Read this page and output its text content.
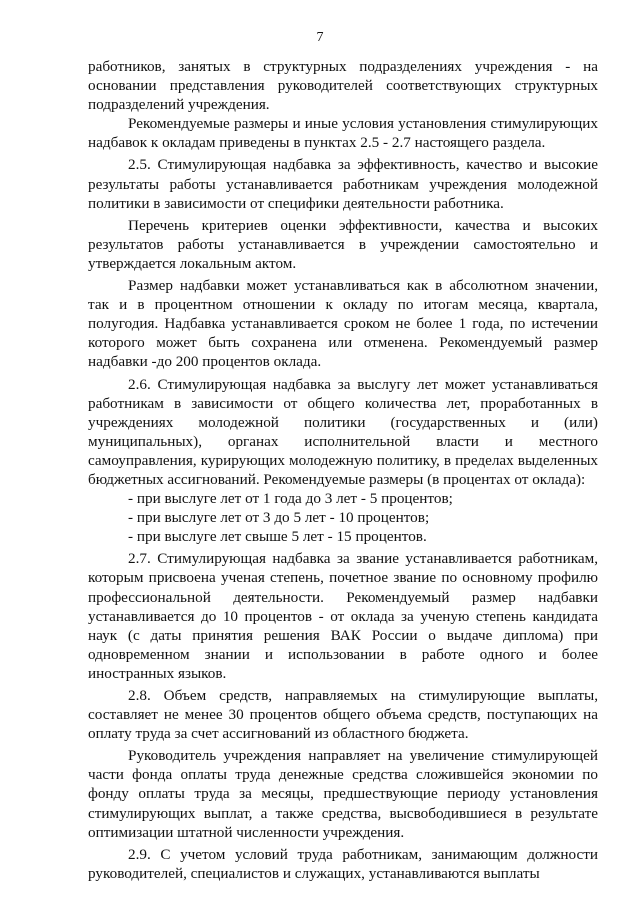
7

работников, занятых в структурных подразделениях учреждения - на основании представления руководителей соответствующих структурных подразделений учреждения.

Рекомендуемые размеры и иные условия установления стимулирующих надбавок к окладам приведены в пунктах 2.5 - 2.7 настоящего раздела.

2.5. Стимулирующая надбавка за эффективность, качество и высокие результаты работы устанавливается работникам учреждения молодежной политики в зависимости от специфики деятельности работника.

Перечень критериев оценки эффективности, качества и высоких результатов работы устанавливается в учреждении самостоятельно и утверждается локальным актом.

Размер надбавки может устанавливаться как в абсолютном значении, так и в процентном отношении к окладу по итогам месяца, квартала, полугодия. Надбавка устанавливается сроком не более 1 года, по истечении которого может быть сохранена или отменена. Рекомендуемый размер надбавки -до 200 процентов оклада.

2.6. Стимулирующая надбавка за выслугу лет может устанавливаться работникам в зависимости от общего количества лет, проработанных в учреждениях молодежной политики (государственных и (или) муниципальных), органах исполнительной власти и местного самоуправления, курирующих молодежную политику, в пределах выделенных бюджетных ассигнований. Рекомендуемые размеры (в процентах от оклада):

- при выслуге лет от 1 года до 3 лет - 5 процентов;

- при выслуге лет от 3 до 5 лет - 10 процентов;

- при выслуге лет свыше 5 лет - 15 процентов.

2.7. Стимулирующая надбавка за звание устанавливается работникам, которым присвоена ученая степень, почетное звание по основному профилю профессиональной деятельности. Рекомендуемый размер надбавки устанавливается до 10 процентов - от оклада за ученую степень кандидата наук (с даты принятия решения ВАК России о выдаче диплома) при одновременном знании и использовании в работе одного и более иностранных языков.

2.8. Объем средств, направляемых на стимулирующие выплаты, составляет не менее 30 процентов общего объема средств, поступающих на оплату труда за счет ассигнований из областного бюджета.

Руководитель учреждения направляет на увеличение стимулирующей части фонда оплаты труда денежные средства сложившейся экономии по фонду оплаты труда за месяцы, предшествующие периоду установления стимулирующих выплат, а также средства, высвободившиеся в результате оптимизации штатной численности учреждения.

2.9. С учетом условий труда работникам, занимающим должности руководителей, специалистов и служащих, устанавливаются выплаты
